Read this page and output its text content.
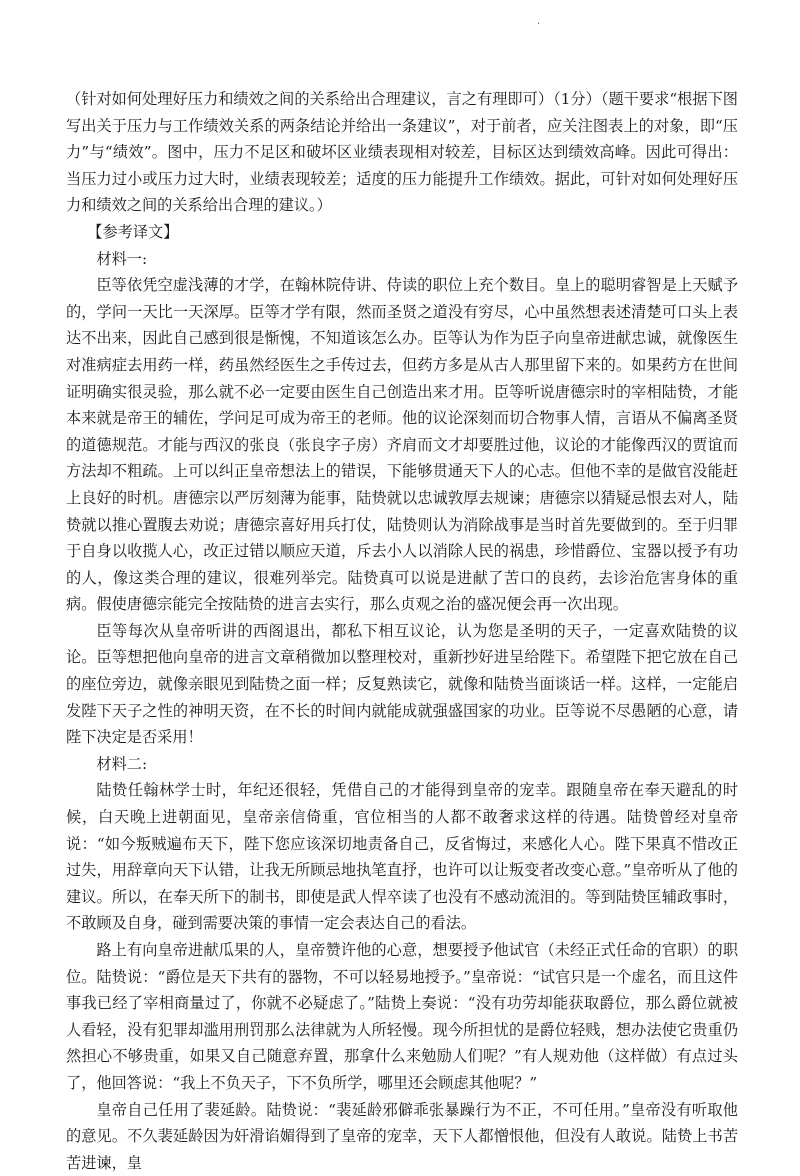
.

（针对如何处理好压力和绩效之间的关系给出合理建议，言之有理即可）（1分）（题干要求“根据下图写出关于压力与工作绩效关系的两条结论并给出一条建议”，对于前者，应关注图表上的对象，即“压力”与“绩效”。图中，压力不足区和破坏区业绩表现相对较差，目标区达到绩效高峰。因此可得出：当压力过小或压力过大时，业绩表现较差；适度的压力能提升工作绩效。据此，可针对如何处理好压力和绩效之间的关系给出合理的建议。）

【参考译文】

材料一:

臣等依凭空虚浅薄的才学，在翰林院侍讲、侍读的职位上充个数目。皇上的聪明睿智是上天赋予的，学问一天比一天深厚。臣等才学有限，然而圣贤之道没有穷尽，心中虽然想表述清楚可口头上表达不出来，因此自己感到很是惭愧，不知道该怎么办。臣等认为作为臣子向皇帝进献忠诚，就像医生对准病症去用药一样，药虽然经医生之手传过去，但药方多是从古人那里留下来的。如果药方在世间证明确实很灵验，那么就不必一定要由医生自己创造出来才用。臣等听说唐德宗时的宰相陆贽，才能本来就是帝王的辅佐，学问足可成为帝王的老师。他的议论深刻而切合物事人情，言语从不偏离圣贤的道德规范。才能与西汉的张良（张良字子房）齐肩而文才却要胜过他，议论的才能像西汉的贾谊而方法却不粗疏。上可以纠正皇帝想法上的错误，下能够贯通天下人的心志。但他不幸的是做官没能赶上良好的时机。唐德宗以严厉刻薄为能事，陆贽就以忠诚敦厚去规谏；唐德宗以猜疑忌恨去对人，陆贽就以推心置腹去劝说；唐德宗喜好用兵打仗，陆贽则认为消除战事是当时首先要做到的。至于归罪于自身以收揽人心，改正过错以顺应天道，斥去小人以消除人民的祸患，珍惜爵位、宝器以授予有功的人，像这类合理的建议，很难列举完。陆贽真可以说是进献了苦口的良药，去诊治危害身体的重病。假使唐德宗能完全按陆贽的进言去实行，那么贞观之治的盛况便会再一次出现。

臣等每次从皇帝听讲的西阁退出，都私下相互议论，认为您是圣明的天子，一定喜欢陆贽的议论。臣等想把他向皇帝的进言文章稍微加以整理校对，重新抄好进呈给陛下。希望陛下把它放在自己的座位旁边，就像亲眼见到陆贽之面一样；反复熟读它，就像和陆贽当面谈话一样。这样，一定能启发陛下天子之性的神明天资，在不长的时间内就能成就强盛国家的功业。臣等说不尽愚陋的心意，请陛下决定是否采用！

材料二:

陆贽任翰林学士时，年纪还很轻，凭借自己的才能得到皇帝的宠幸。跟随皇帝在奉天避乱的时候，白天晚上进朝面见，皇帝亲信倚重，官位相当的人都不敢奢求这样的待遇。陆贽曾经对皇帝说：“如今叛贼遍布天下，陛下您应该深切地责备自己，反省悔过，来感化人心。陛下果真不惜改正过失，用辞章向天下认错，让我无所顾忌地执笔直抒，也许可以让叛变者改变心意。”皇帝听从了他的建议。所以，在奉天所下的制书，即使是武人悍卒读了也没有不感动流泪的。等到陆贽匡辅政事时，不敢顾及自身，碰到需要决策的事情一定会表达自己的看法。

路上有向皇帝进献瓜果的人，皇帝赞许他的心意，想要授予他试官（未经正式任命的官职）的职位。陆贽说：“爵位是天下共有的器物，不可以轻易地授予。”皇帝说：“试官只是一个虚名，而且这件事我已经了宰相商量过了，你就不必疑虑了。”陆贽上奏说：“没有功劳却能获取爵位，那么爵位就被人看轻，没有犯罪却滥用刑罚那么法律就为人所轻慢。现今所担忧的是爵位轻贱，想办法使它贵重仍然担心不够贵重，如果又自己随意弃置，那拿什么来勉励人们呢？”有人规劝他（这样做）有点过头了，他回答说：“我上不负天子，下不负所学，哪里还会顾虑其他呢？”

皇帝自己任用了裴延龄。陆贽说：“裴延龄邪僻乖张暴躁行为不正，不可任用。”皇帝没有听取他的意见。不久裴延龄因为奸滑谄媚得到了皇帝的宠幸，天下人都憎恨他，但没有人敢说。陆贽上书苦苦进谏，皇
